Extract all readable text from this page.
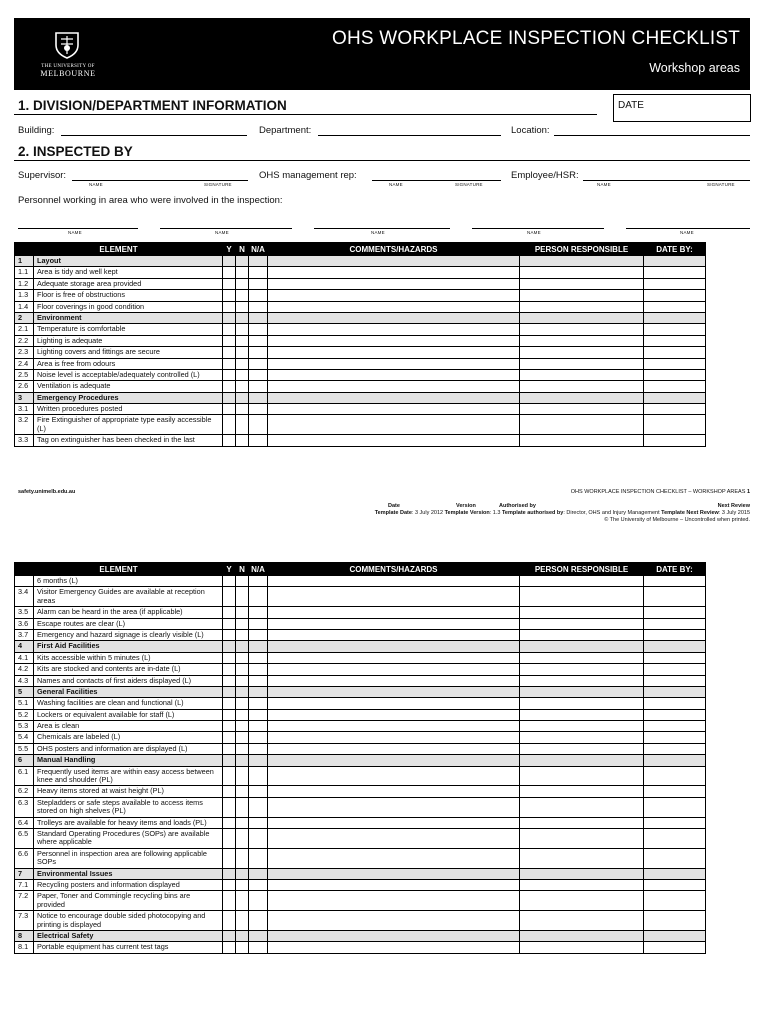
THE UNIVERSITY OF
MELBOURNE
OHS WORKPLACE INSPECTION CHECKLIST
Workshop areas
1. DIVISION/DEPARTMENT INFORMATION	DATE
Building:	Department:	Location:
2. INSPECTED BY
Supervisor:
NAME	SIGNATURE
OHS management rep:
NAME	SIGNATURE
Employee/HSR:
NAME	SIGNATURE
Personnel working in area who were involved in the inspection:
NAME	NAME	NAME	NAME	NAME
ELEMENT		Y	N	N/A	COMMENTS/HAZARDS	PERSON RESPONSIBLE	DATE BY:
1	Layout						
1.1	Area is tidy and well kept						
1.2	Adequate storage area provided						
1.3	Floor is free of obstructions						
1.4	Floor coverings in good condition						
2	Environment						
2.1	Temperature is comfortable						
2.2	Lighting is adequate						
2.3	Lighting covers and fittings are secure						
2.4	Area is free from odours						
2.5	Noise level is acceptable/adequately controlled (L)						
2.6	Ventilation is adequate						
3	Emergency Procedures						
3.1	Written procedures posted						
3.2	Fire Extinguisher of appropriate type easily accessible (L)						
3.3	Tag on extinguisher has been checked in the last						
safety.unimelb.edu.au	OHS WORKPLACE INSPECTION CHECKLIST – WORKSHOP AREAS 1
Date	Version	Authorised by	Next Review
Template Date: 3 July 2012 Template Version: 1.3 Template authorised by: Director, OHS and Injury Management Template Next Review: 3 July 2015
© The University of Melbourne – Uncontrolled when printed.
ELEMENT		Y	N	N/A	COMMENTS/HAZARDS	PERSON RESPONSIBLE	DATE BY:
	6 months (L)						
3.4	Visitor Emergency Guides are available at reception areas						
3.5	Alarm can be heard in the area (if applicable)						
3.6	Escape routes are clear (L)						
3.7	Emergency and hazard signage is clearly visible (L)						
4	First Aid Facilities						
4.1	Kits accessible within 5 minutes (L)						
4.2	Kits are stocked and contents are in-date (L)						
4.3	Names and contacts of first aiders displayed (L)						
5	General Facilities						
5.1	Washing facilities are clean and functional (L)						
5.2	Lockers or equivalent available for staff (L)						
5.3	Area is clean						
5.4	Chemicals are labeled (L)						
5.5	OHS posters and information are displayed (L)						
6	Manual Handling						
6.1	Frequently used items are within easy access between knee and shoulder (PL)						
6.2	Heavy items stored at waist height (PL)						
6.3	Stepladders or safe steps available to access items stored on high shelves (PL)						
6.4	Trolleys are available for heavy items and loads (PL)						
6.5	Standard Operating Procedures (SOPs) are available where applicable						
6.6	Personnel in inspection area are following applicable SOPs						
7	Environmental Issues						
7.1	Recycling posters and information displayed						
7.2	Paper, Toner and Commingle recycling bins are provided						
7.3	Notice to encourage double sided photocopying and printing is displayed						
8	Electrical Safety						
8.1	Portable equipment has current test tags						
